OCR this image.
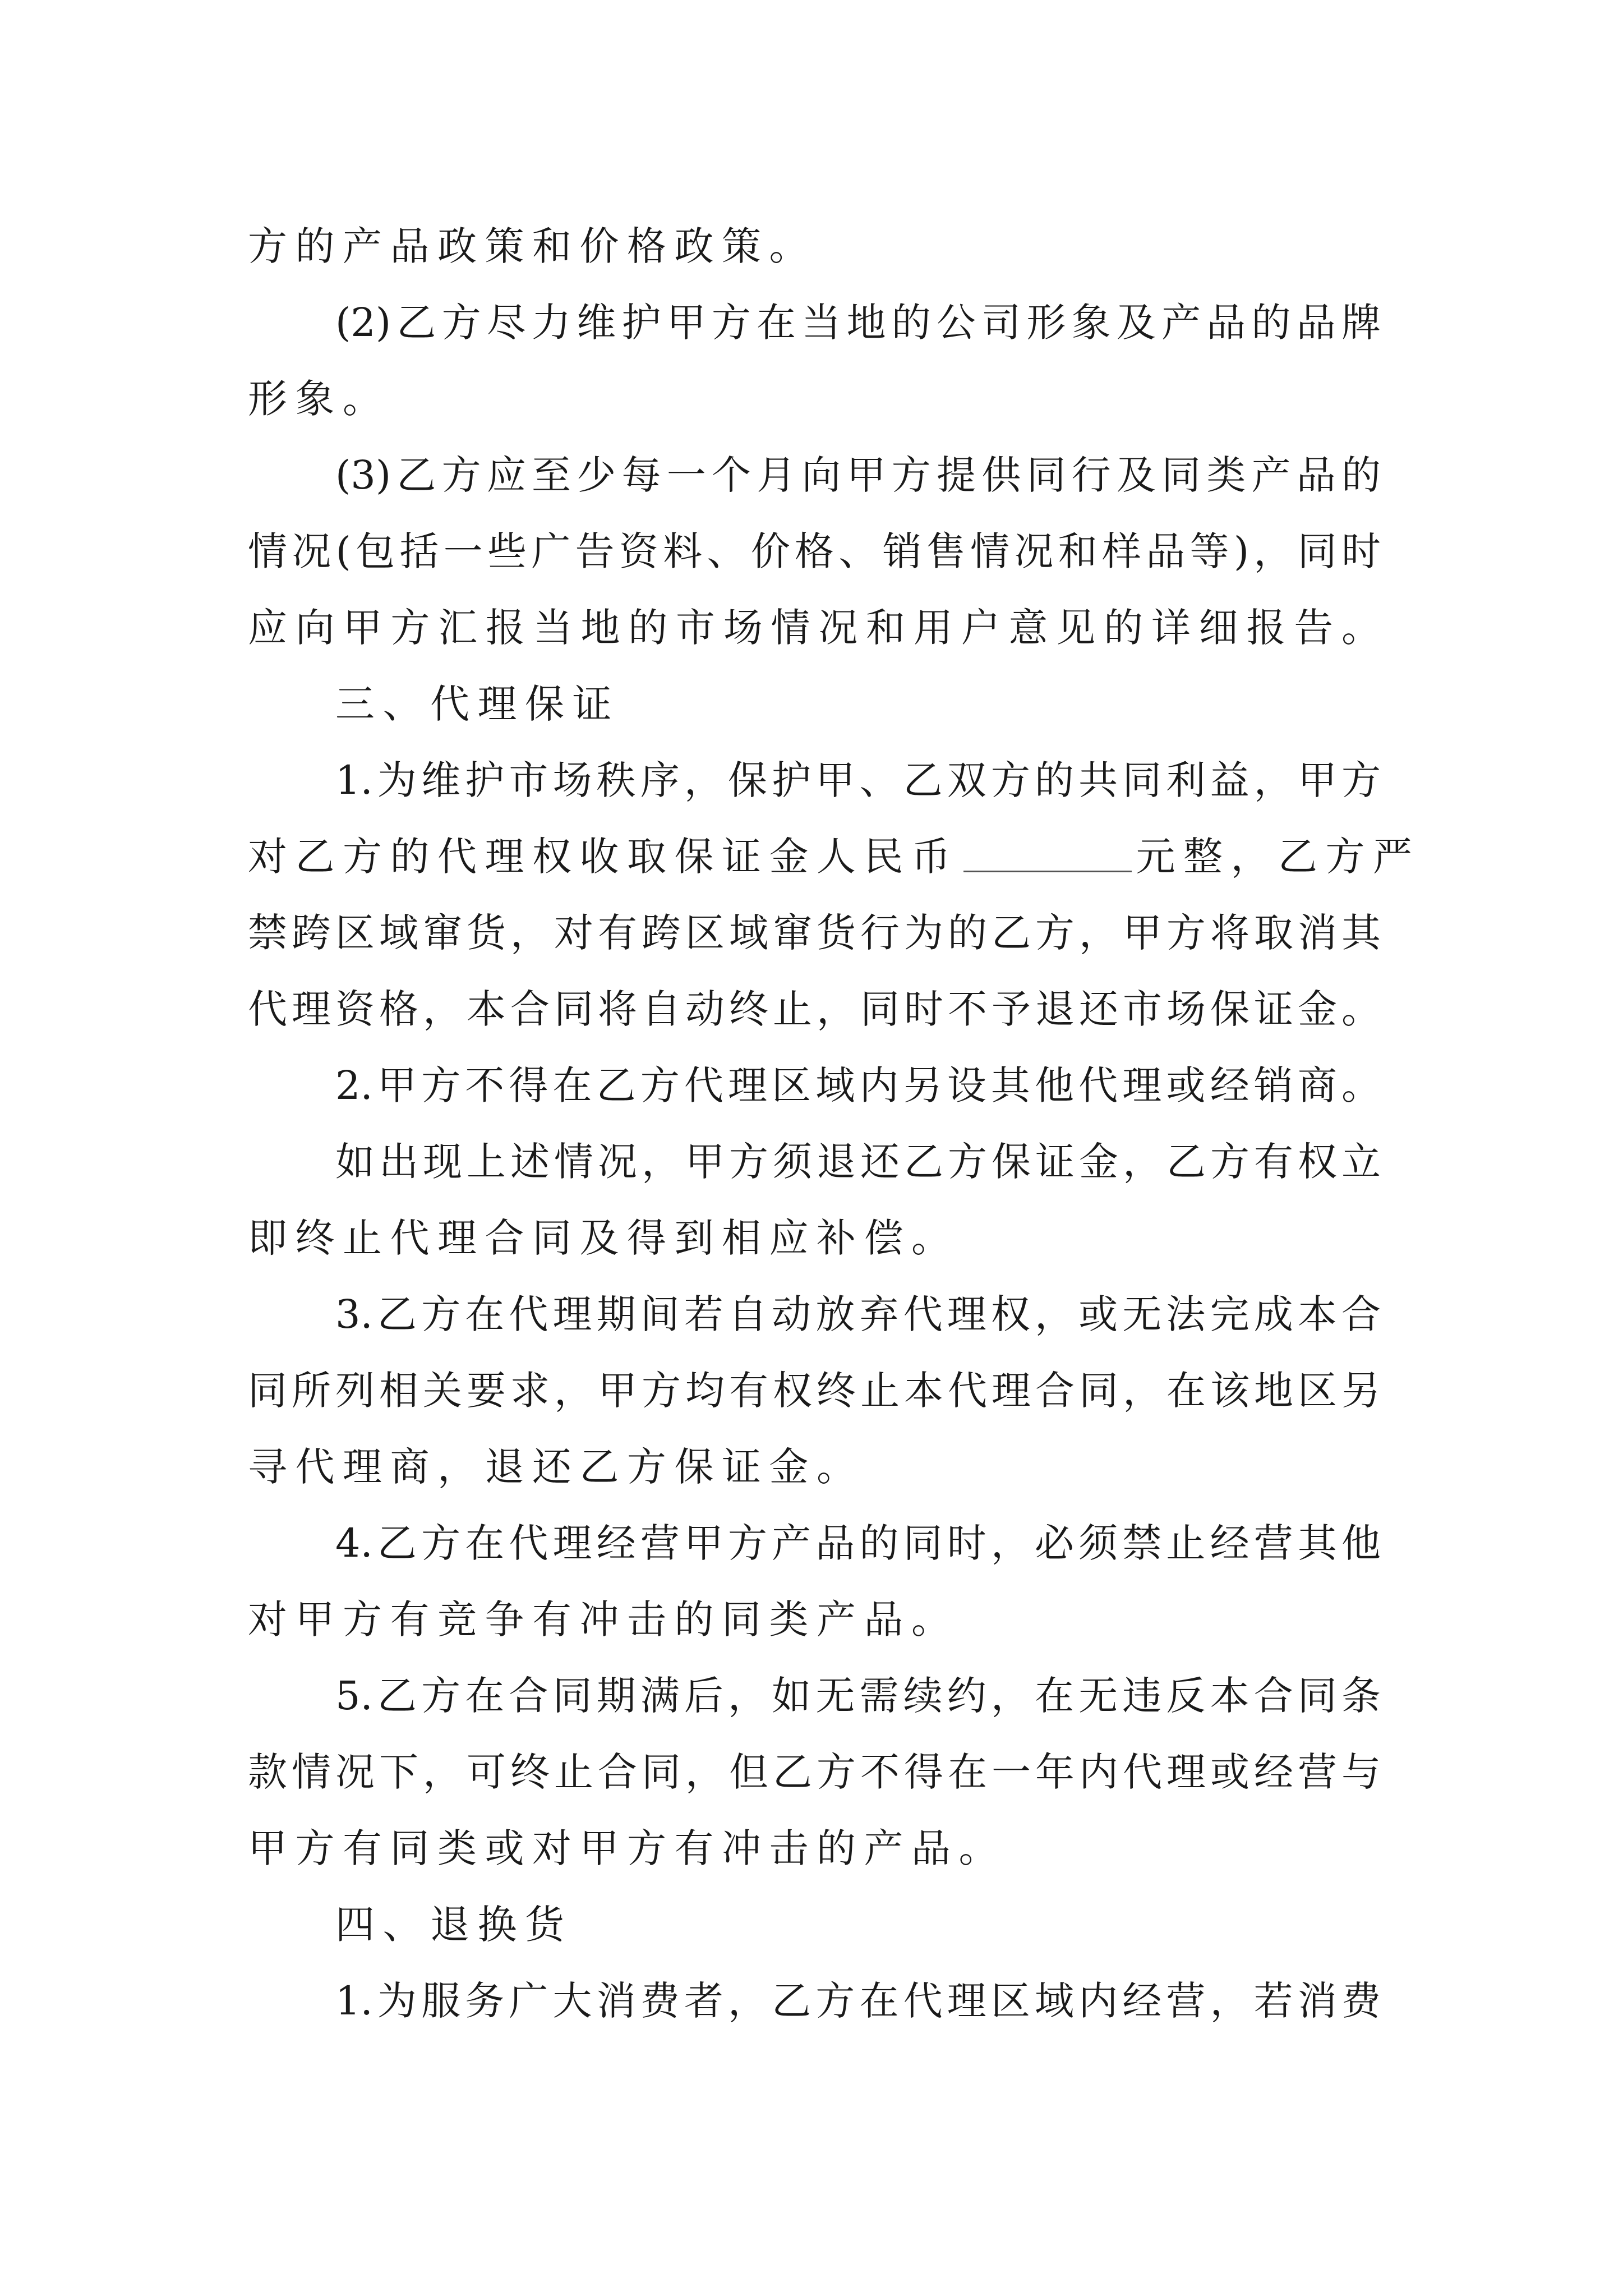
方的产品政策和价格政策。
(2)乙方尽力维护甲方在当地的公司形象及产品的品牌
形象。
(3)乙方应至少每一个月向甲方提供同行及同类产品的
情况(包括一些广告资料、价格、销售情况和样品等)，同时
应向甲方汇报当地的市场情况和用户意见的详细报告。
三、代理保证
1.为维护市场秩序，保护甲、乙双方的共同利益，甲方
对乙方的代理权收取保证金人民币	元整，乙方严
禁跨区域窜货，对有跨区域窜货行为的乙方，甲方将取消其
代理资格，本合同将自动终止，同时不予退还市场保证金。
2.甲方不得在乙方代理区域内另设其他代理或经销商。
如出现上述情况，甲方须退还乙方保证金，乙方有权立
即终止代理合同及得到相应补偿。
3.乙方在代理期间若自动放弃代理权，或无法完成本合
同所列相关要求，甲方均有权终止本代理合同，在该地区另
寻代理商，退还乙方保证金。
4.乙方在代理经营甲方产品的同时，必须禁止经营其他
对甲方有竞争有冲击的同类产品。
5.乙方在合同期满后，如无需续约，在无违反本合同条
款情况下，可终止合同，但乙方不得在一年内代理或经营与
甲方有同类或对甲方有冲击的产品。
四、退换货
1.为服务广大消费者，乙方在代理区域内经营，若消费
